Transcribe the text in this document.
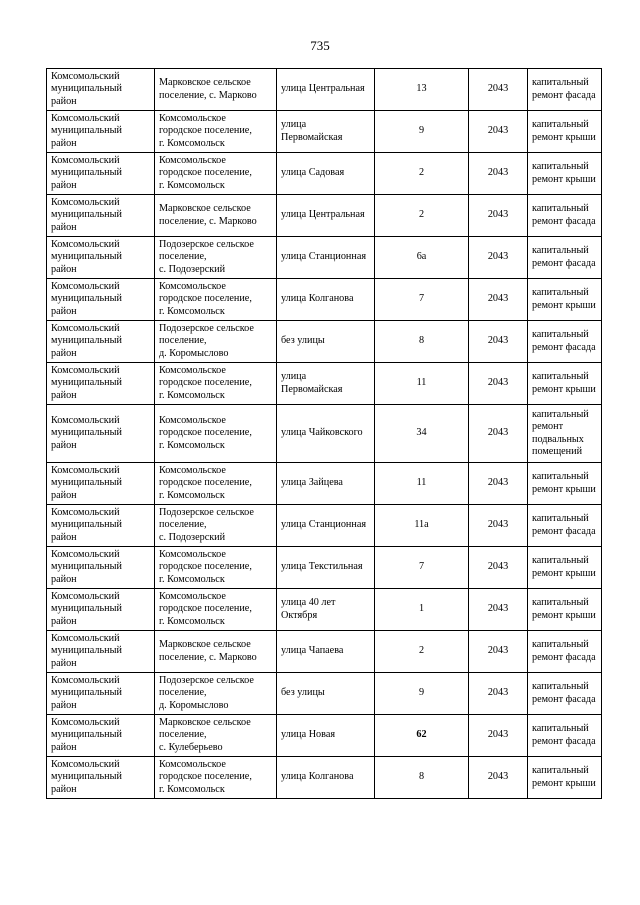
735
Комсомольский
муниципальный
район	Марковское сельское
поселение, с. Марково	улица Центральная	13	2043	капитальный
ремонт фасада
Комсомольский
муниципальный
район	Комсомольское
городское поселение,
г. Комсомольск	улица Первомайская	9	2043	капитальный
ремонт крыши
Комсомольский
муниципальный
район	Комсомольское
городское поселение,
г. Комсомольск	улица Садовая	2	2043	капитальный
ремонт крыши
Комсомольский
муниципальный
район	Марковское сельское
поселение, с. Марково	улица Центральная	2	2043	капитальный
ремонт фасада
Комсомольский
муниципальный
район	Подозерское сельское
поселение,
с. Подозерский	улица Станционная	6а	2043	капитальный
ремонт фасада
Комсомольский
муниципальный
район	Комсомольское
городское поселение,
г. Комсомольск	улица Колганова	7	2043	капитальный
ремонт крыши
Комсомольский
муниципальный
район	Подозерское сельское
поселение,
д. Коромыслово	без улицы	8	2043	капитальный
ремонт фасада
Комсомольский
муниципальный
район	Комсомольское
городское поселение,
г. Комсомольск	улица Первомайская	11	2043	капитальный
ремонт крыши
Комсомольский
муниципальный
район	Комсомольское
городское поселение,
г. Комсомольск	улица Чайковского	34	2043	капитальный
ремонт
подвальных
помещений
Комсомольский
муниципальный
район	Комсомольское
городское поселение,
г. Комсомольск	улица Зайцева	11	2043	капитальный
ремонт крыши
Комсомольский
муниципальный
район	Подозерское сельское
поселение,
с. Подозерский	улица Станционная	11а	2043	капитальный
ремонт фасада
Комсомольский
муниципальный
район	Комсомольское
городское поселение,
г. Комсомольск	улица Текстильная	7	2043	капитальный
ремонт крыши
Комсомольский
муниципальный
район	Комсомольское
городское поселение,
г. Комсомольск	улица 40 лет Октября	1	2043	капитальный
ремонт крыши
Комсомольский
муниципальный
район	Марковское сельское
поселение, с. Марково	улица Чапаева	2	2043	капитальный
ремонт фасада
Комсомольский
муниципальный
район	Подозерское сельское
поселение,
д. Коромыслово	без улицы	9	2043	капитальный
ремонт фасада
Комсомольский
муниципальный
район	Марковское сельское
поселение,
с. Кулеберьево	улица Новая	62	2043	капитальный
ремонт фасада
Комсомольский
муниципальный
район	Комсомольское
городское поселение,
г. Комсомольск	улица Колганова	8	2043	капитальный
ремонт крыши
